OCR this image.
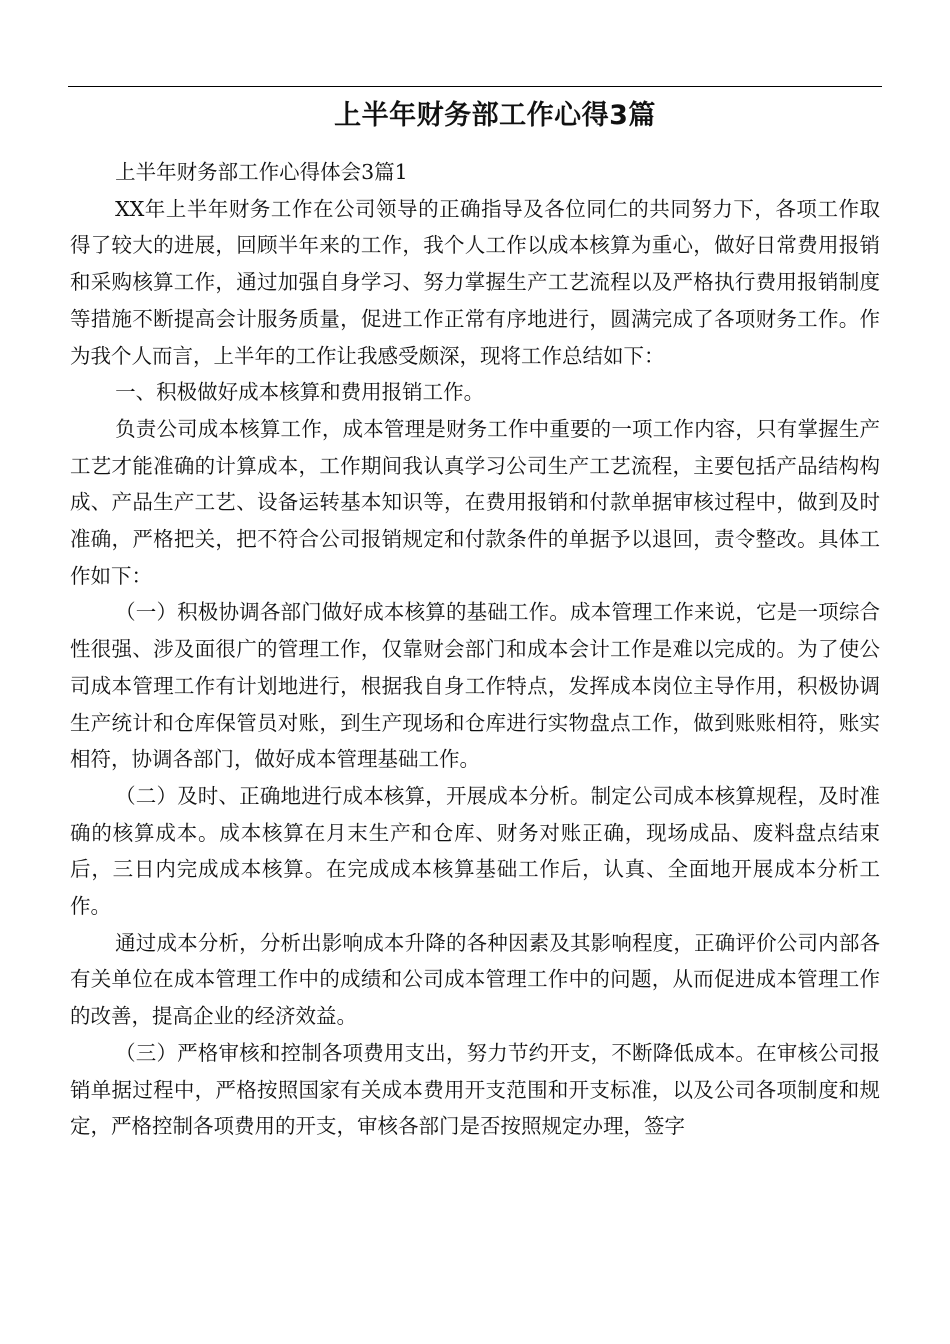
上半年财务部工作心得3篇

上半年财务部工作心得体会3篇1

XX年上半年财务工作在公司领导的正确指导及各位同仁的共同努力下，各项工作取得了较大的进展，回顾半年来的工作，我个人工作以成本核算为重心，做好日常费用报销和采购核算工作，通过加强自身学习、努力掌握生产工艺流程以及严格执行费用报销制度等措施不断提高会计服务质量，促进工作正常有序地进行，圆满完成了各项财务工作。作为我个人而言，上半年的工作让我感受颇深，现将工作总结如下：

一、积极做好成本核算和费用报销工作。

负责公司成本核算工作，成本管理是财务工作中重要的一项工作内容，只有掌握生产工艺才能准确的计算成本，工作期间我认真学习公司生产工艺流程，主要包括产品结构构成、产品生产工艺、设备运转基本知识等，在费用报销和付款单据审核过程中，做到及时准确，严格把关，把不符合公司报销规定和付款条件的单据予以退回，责令整改。具体工作如下：

（一）积极协调各部门做好成本核算的基础工作。成本管理工作来说，它是一项综合性很强、涉及面很广的管理工作，仅靠财会部门和成本会计工作是难以完成的。为了使公司成本管理工作有计划地进行，根据我自身工作特点，发挥成本岗位主导作用，积极协调生产统计和仓库保管员对账，到生产现场和仓库进行实物盘点工作，做到账账相符，账实相符，协调各部门，做好成本管理基础工作。

（二）及时、正确地进行成本核算，开展成本分析。制定公司成本核算规程，及时准确的核算成本。成本核算在月末生产和仓库、财务对账正确，现场成品、废料盘点结束后，三日内完成成本核算。在完成成本核算基础工作后，认真、全面地开展成本分析工作。

通过成本分析，分析出影响成本升降的各种因素及其影响程度，正确评价公司内部各有关单位在成本管理工作中的成绩和公司成本管理工作中的问题，从而促进成本管理工作的改善，提高企业的经济效益。

（三）严格审核和控制各项费用支出，努力节约开支，不断降低成本。在审核公司报销单据过程中，严格按照国家有关成本费用开支范围和开支标准，以及公司各项制度和规定，严格控制各项费用的开支，审核各部门是否按照规定办理，签字
